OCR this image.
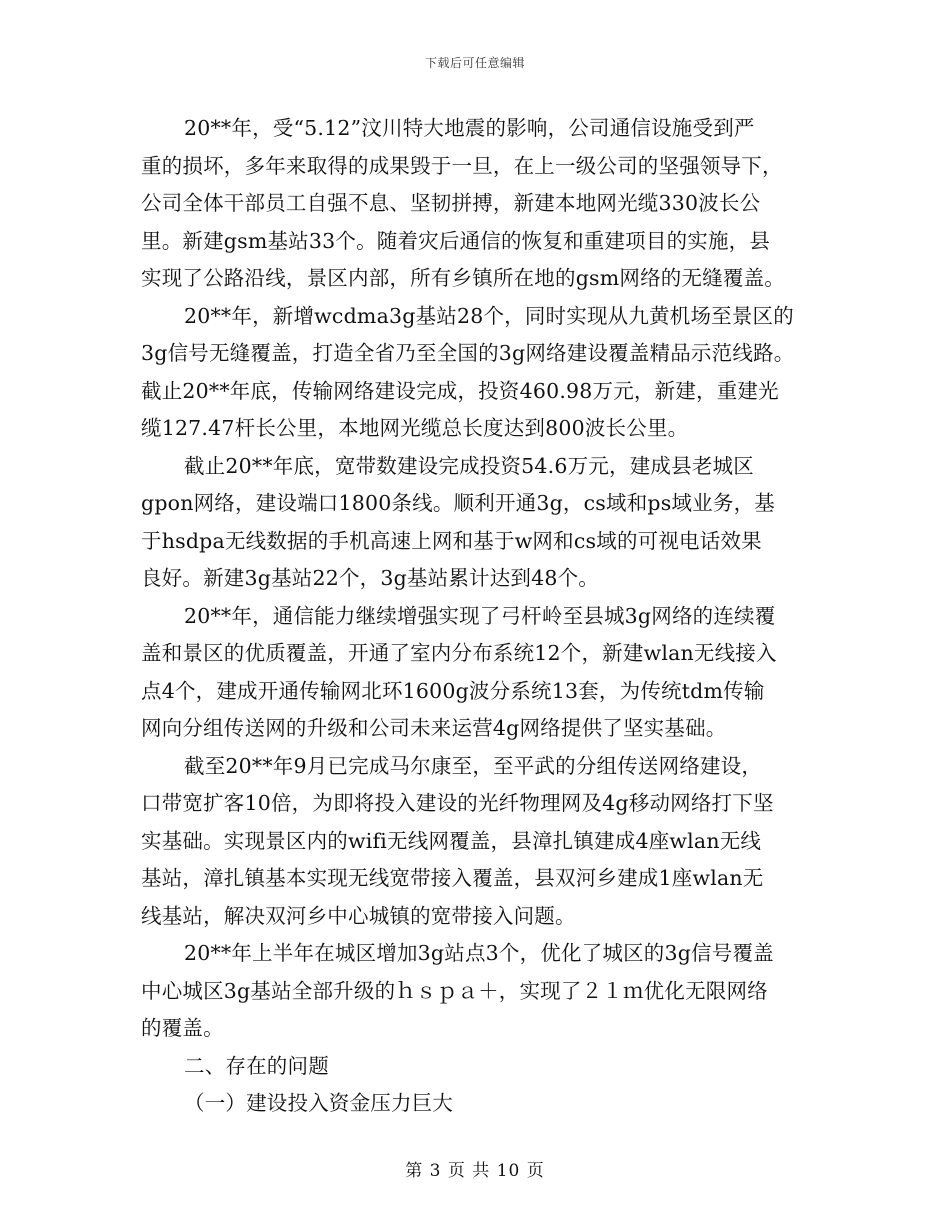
下载后可任意编辑

20**年，受“5.12”汶川特大地震的影响，公司通信设施受到严
重的损坏，多年来取得的成果毁于一旦，在上一级公司的坚强领导下，
公司全体干部员工自强不息、坚韧拼搏，新建本地网光缆330波长公
里。新建gsm基站33个。随着灾后通信的恢复和重建项目的实施，县
实现了公路沿线，景区内部，所有乡镇所在地的gsm网络的无缝覆盖。

20**年，新增wcdma3g基站28个，同时实现从九黄机场至景区的
3g信号无缝覆盖，打造全省乃至全国的3g网络建设覆盖精品示范线路。
截止20**年底，传输网络建设完成，投资460.98万元，新建，重建光
缆127.47杆长公里，本地网光缆总长度达到800波长公里。

截止20**年底，宽带数建设完成投资54.6万元，建成县老城区
gpon网络，建设端口1800条线。顺利开通3g，cs域和ps域业务，基
于hsdpa无线数据的手机高速上网和基于w网和cs域的可视电话效果
良好。新建3g基站22个，3g基站累计达到48个。

20**年，通信能力继续增强实现了弓杆岭至县城3g网络的连续覆
盖和景区的优质覆盖，开通了室内分布系统12个，新建wlan无线接入
点4个，建成开通传输网北环1600g波分系统13套，为传统tdm传输
网向分组传送网的升级和公司未来运营4g网络提供了坚实基础。

截至20**年9月已完成马尔康至，至平武的分组传送网络建设，
口带宽扩客10倍，为即将投入建设的光纤物理网及4g移动网络打下坚
实基础。实现景区内的wifi无线网覆盖，县漳扎镇建成4座wlan无线
基站，漳扎镇基本实现无线宽带接入覆盖，县双河乡建成1座wlan无
线基站，解决双河乡中心城镇的宽带接入问题。

20**年上半年在城区增加3g站点3个，优化了城区的3g信号覆盖
中心城区3g基站全部升级的ｈｓｐａ＋，实现了２１ｍ优化无限网络
的覆盖。

二、存在的问题

（一）建设投入资金压力巨大

第 3 页 共 10 页
